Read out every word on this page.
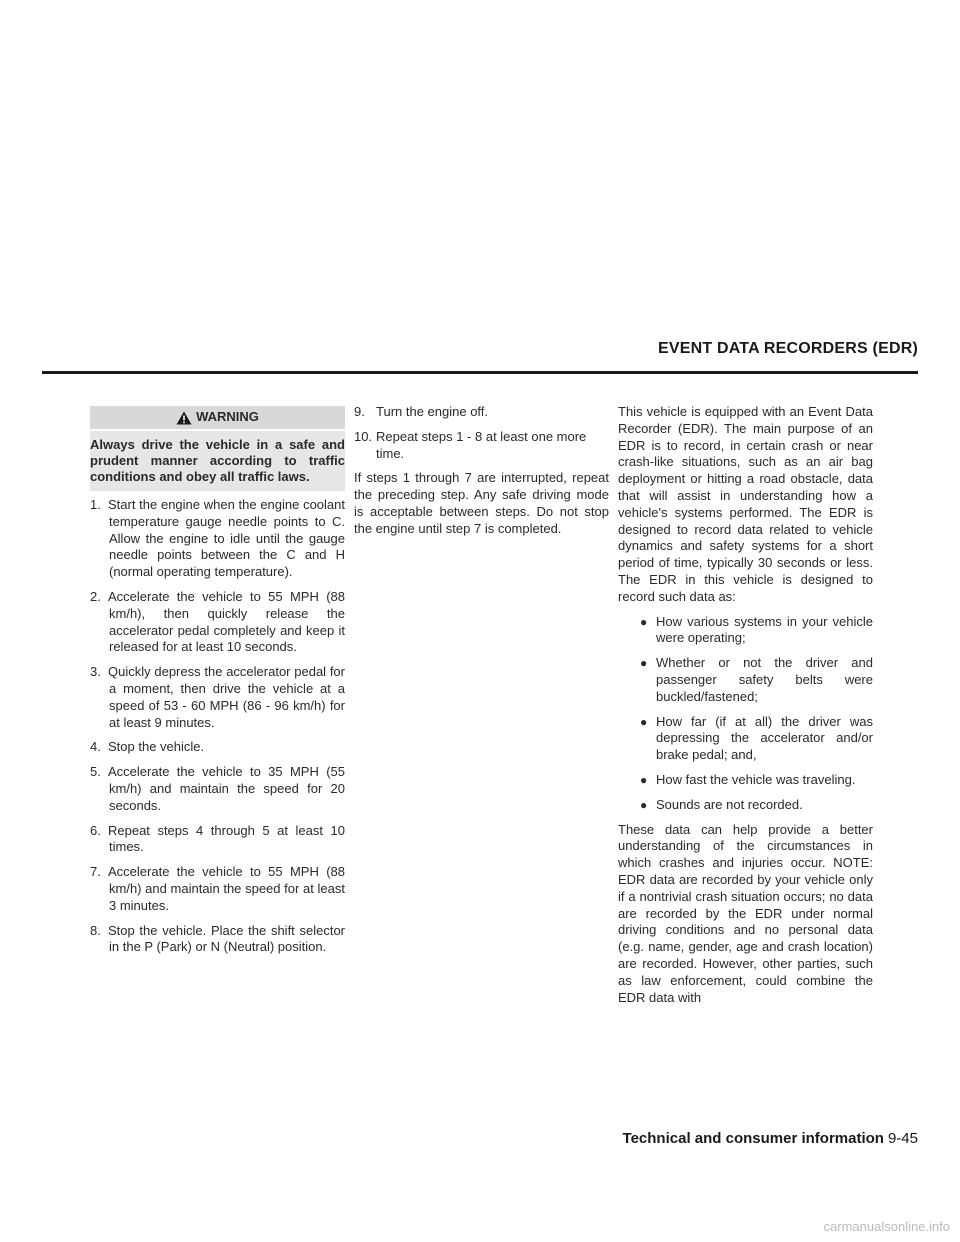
EVENT DATA RECORDERS (EDR)
WARNING
Always drive the vehicle in a safe and prudent manner according to traffic conditions and obey all traffic laws.
1. Start the engine when the engine coolant temperature gauge needle points to C. Allow the engine to idle until the gauge needle points between the C and H (normal operating temperature).
2. Accelerate the vehicle to 55 MPH (88 km/h), then quickly release the accelerator pedal completely and keep it released for at least 10 seconds.
3. Quickly depress the accelerator pedal for a moment, then drive the vehicle at a speed of 53 - 60 MPH (86 - 96 km/h) for at least 9 minutes.
4. Stop the vehicle.
5. Accelerate the vehicle to 35 MPH (55 km/h) and maintain the speed for 20 seconds.
6. Repeat steps 4 through 5 at least 10 times.
7. Accelerate the vehicle to 55 MPH (88 km/h) and maintain the speed for at least 3 minutes.
8. Stop the vehicle. Place the shift selector in the P (Park) or N (Neutral) position.
9. Turn the engine off.
10. Repeat steps 1 - 8 at least one more time.

If steps 1 through 7 are interrupted, repeat the preceding step. Any safe driving mode is acceptable between steps. Do not stop the engine until step 7 is completed.

This vehicle is equipped with an Event Data Recorder (EDR). The main purpose of an EDR is to record, in certain crash or near crash-like situations, such as an air bag deployment or hitting a road obstacle, data that will assist in understanding how a vehicle's systems performed. The EDR is designed to record data related to vehicle dynamics and safety systems for a short period of time, typically 30 seconds or less. The EDR in this vehicle is designed to record such data as:

● How various systems in your vehicle were operating;
● Whether or not the driver and passenger safety belts were buckled/fastened;
● How far (if at all) the driver was depressing the accelerator and/or brake pedal; and,
● How fast the vehicle was traveling.
● Sounds are not recorded.

These data can help provide a better understanding of the circumstances in which crashes and injuries occur. NOTE: EDR data are recorded by your vehicle only if a nontrivial crash situation occurs; no data are recorded by the EDR under normal driving conditions and no personal data (e.g. name, gender, age and crash location) are recorded. However, other parties, such as law enforcement, could combine the EDR data with

Technical and consumer information 9-45
carmanualsonline.info
